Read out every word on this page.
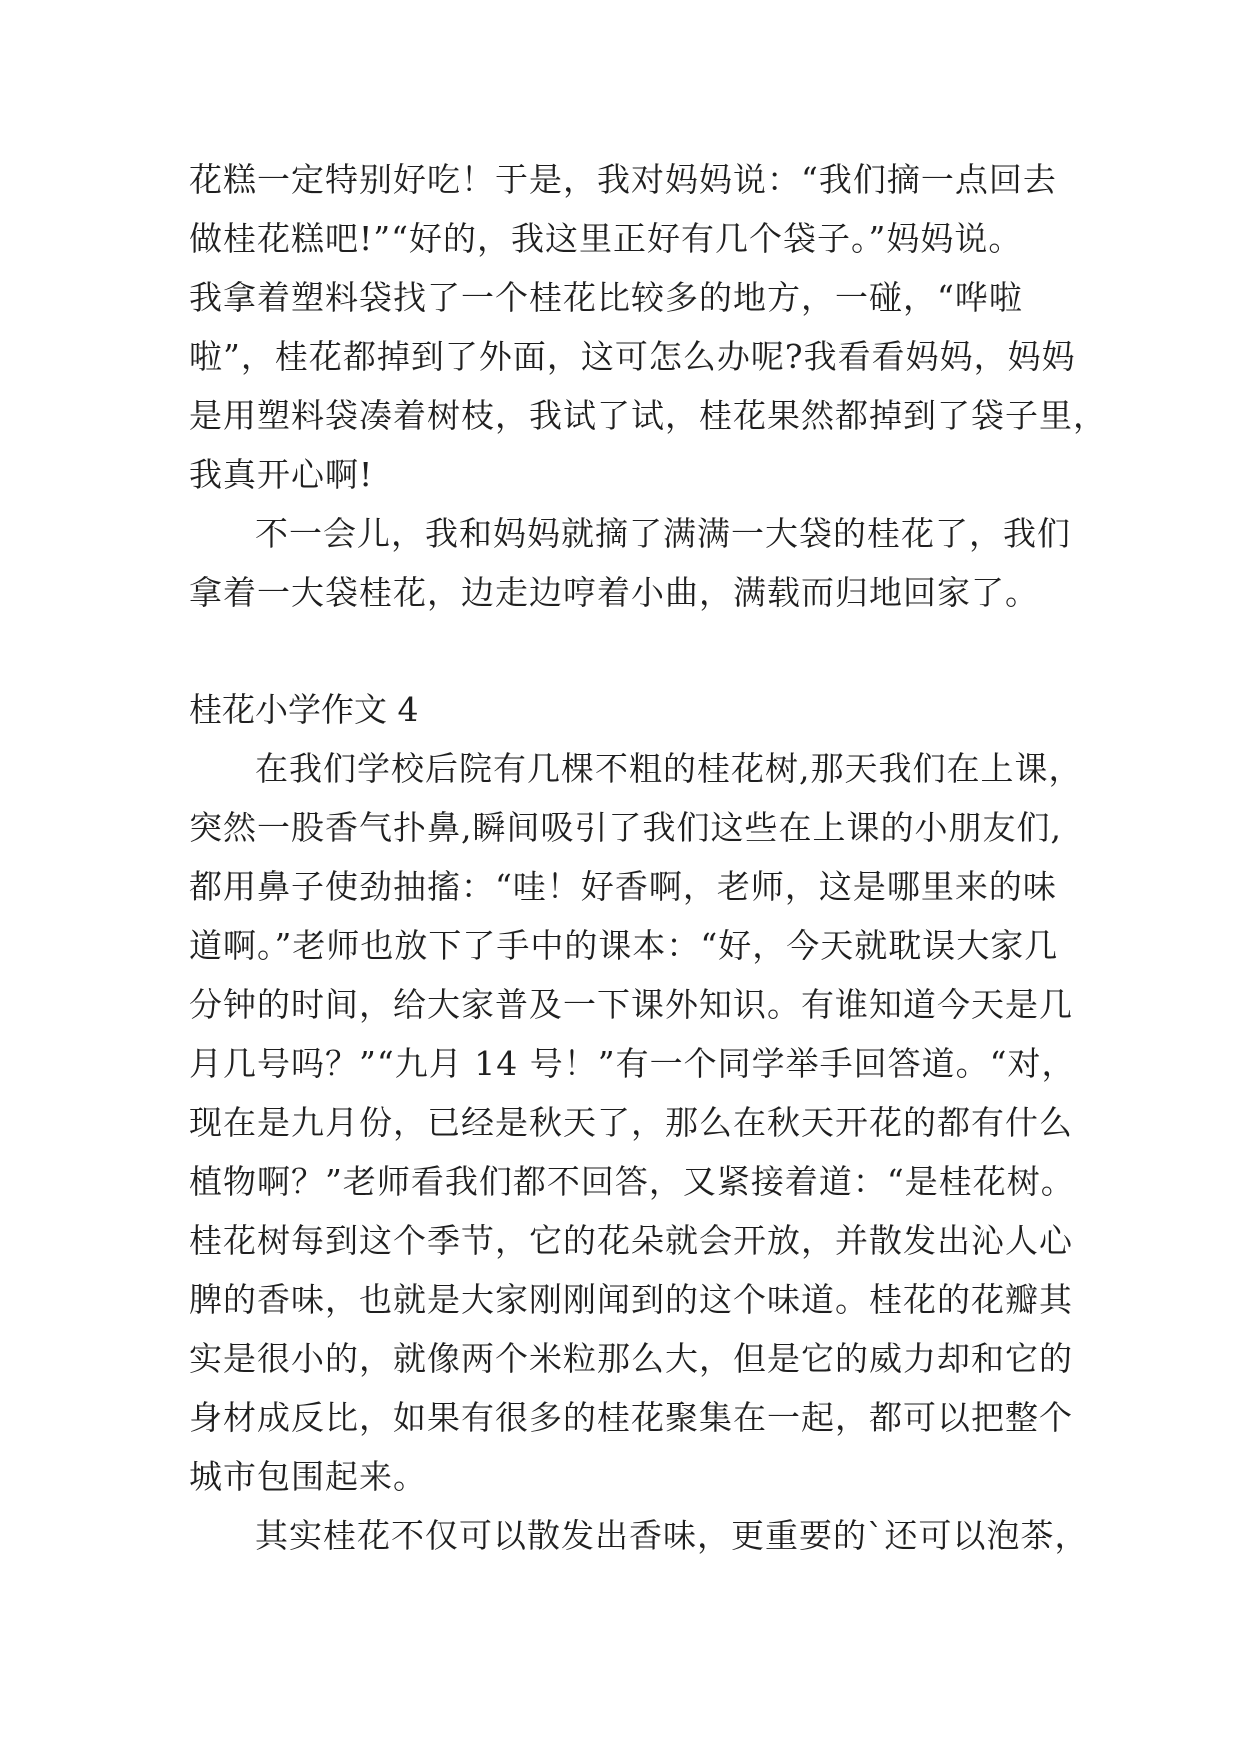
花糕一定特别好吃！于是，我对妈妈说：“我们摘一点回去
做桂花糕吧!”“好的，我这里正好有几个袋子。”妈妈说。
我拿着塑料袋找了一个桂花比较多的地方，一碰，“哗啦
啦”，桂花都掉到了外面，这可怎么办呢?我看看妈妈，妈妈
是用塑料袋凑着树枝，我试了试，桂花果然都掉到了袋子里，
我真开心啊!
不一会儿，我和妈妈就摘了满满一大袋的桂花了，我们
拿着一大袋桂花，边走边哼着小曲，满载而归地回家了。
桂花小学作文 4
在我们学校后院有几棵不粗的桂花树,那天我们在上课，
突然一股香气扑鼻,瞬间吸引了我们这些在上课的小朋友们,
都用鼻子使劲抽搐：“哇！好香啊，老师，这是哪里来的味
道啊。”老师也放下了手中的课本：“好，今天就耽误大家几
分钟的时间，给大家普及一下课外知识。有谁知道今天是几
月几号吗？”“九月 14 号！”有一个同学举手回答道。“对，
现在是九月份，已经是秋天了，那么在秋天开花的都有什么
植物啊？”老师看我们都不回答，又紧接着道：“是桂花树。
桂花树每到这个季节，它的花朵就会开放，并散发出沁人心
脾的香味，也就是大家刚刚闻到的这个味道。桂花的花瓣其
实是很小的，就像两个米粒那么大，但是它的威力却和它的
身材成反比，如果有很多的桂花聚集在一起，都可以把整个
城市包围起来。
其实桂花不仅可以散发出香味，更重要的`还可以泡茶，
